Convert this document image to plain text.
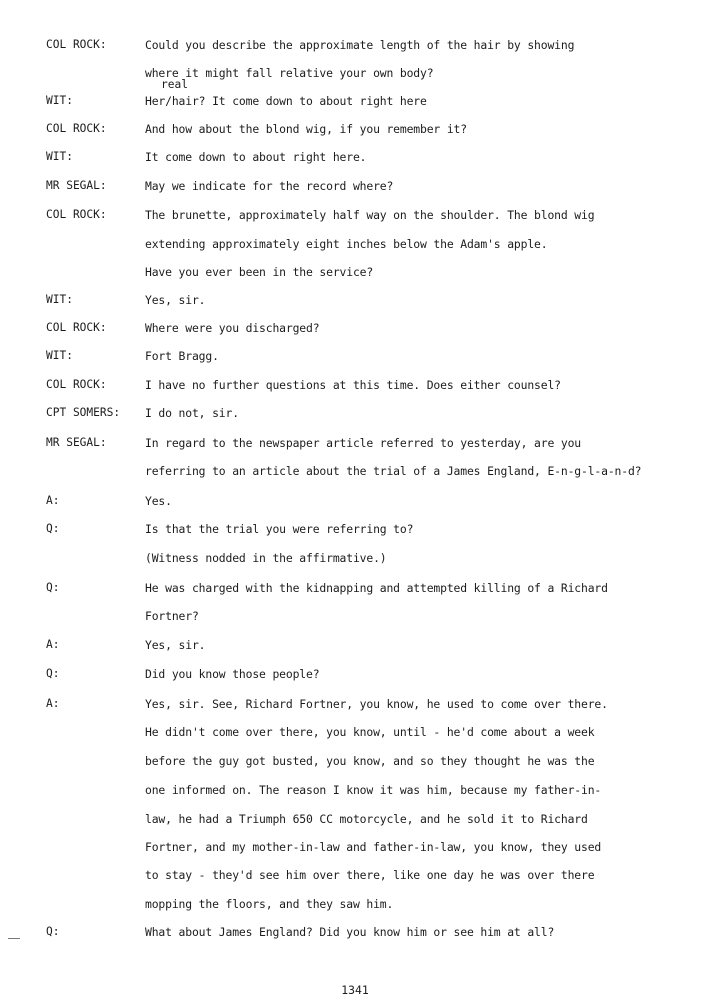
COL ROCK:	Could you describe the approximate length of the hair by showing
where it might fall relative your own body?
WIT:	Her/hair? It come down to about right here
COL ROCK:	And how about the blond wig, if you remember it?
WIT:	It come down to about right here.
MR SEGAL:	May we indicate for the record where?
COL ROCK:	The brunette, approximately half way on the shoulder. The blond wig
extending approximately eight inches below the Adam's apple.
Have you ever been in the service?
WIT:	Yes, sir.
COL ROCK:	Where were you discharged?
WIT:	Fort Bragg.
COL ROCK:	I have no further questions at this time. Does either counsel?
CPT SOMERS: I do not, sir.
MR SEGAL:	In regard to the newspaper article referred to yesterday, are you
referring to an article about the trial of a James England, E-n-g-l-a-n-d?
A:	Yes.
Q:	Is that the trial you were referring to?
(Witness nodded in the affirmative.)
Q:	He was charged with the kidnapping and attempted killing of a Richard
Fortner?
A:	Yes, sir.
Q:	Did you know those people?
A:	Yes, sir. See, Richard Fortner, you know, he used to come over there.
He didn't come over there, you know, until - he'd come about a week
before the guy got busted, you know, and so they thought he was the
one informed on. The reason I know it was him, because my father-in-
law, he had a Triumph 650 CC motorcycle, and he sold it to Richard
Fortner, and my mother-in-law and father-in-law, you know, they used
to stay - they'd see him over there, like one day he was over there
mopping the floors, and they saw him.
Q:	What about James England? Did you know him or see him at all?
real
1341
